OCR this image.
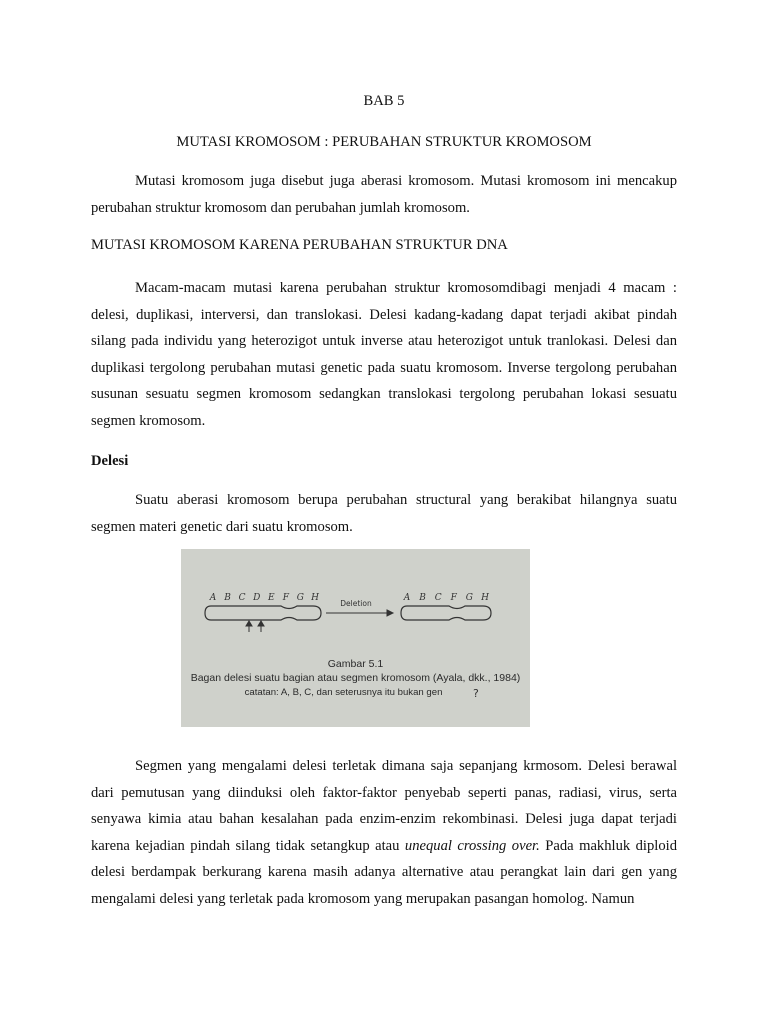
BAB 5
MUTASI KROMOSOM : PERUBAHAN STRUKTUR KROMOSOM

Mutasi kromosom juga disebut juga aberasi kromosom. Mutasi kromosom ini mencakup perubahan struktur kromosom dan perubahan jumlah kromosom.

MUTASI KROMOSOM KARENA PERUBAHAN STRUKTUR DNA

Macam-macam mutasi karena perubahan struktur kromosomdibagi menjadi 4 macam : delesi, duplikasi, interversi, dan translokasi. Delesi kadang-kadang dapat terjadi akibat pindah silang pada individu yang heterozigot untuk inverse atau heterozigot untuk tranlokasi. Delesi dan duplikasi tergolong perubahan mutasi genetic pada suatu kromosom. Inverse tergolong perubahan susunan sesuatu segmen kromosom sedangkan translokasi tergolong perubahan lokasi sesuatu segmen kromosom.

Delesi

Suatu aberasi kromosom berupa perubahan structural yang berakibat hilangnya suatu segmen materi genetic dari suatu kromosom.

A B C D E F G H
Deletion
A B C F G H
Gambar 5.1
Bagan delesi suatu bagian atau segmen kromosom (Ayala, dkk., 1984)
catatan: A, B, C, dan seterusnya itu bukan gen	?

Segmen yang mengalami delesi terletak dimana saja sepanjang krmosom. Delesi berawal dari pemutusan yang diinduksi oleh faktor-faktor penyebab seperti panas, radiasi, virus, serta senyawa kimia atau bahan kesalahan pada enzim-enzim rekombinasi. Delesi juga dapat terjadi karena kejadian pindah silang tidak setangkup atau unequal crossing over. Pada makhluk diploid delesi berdampak berkurang karena masih adanya alternative atau perangkat lain dari gen yang mengalami delesi yang terletak pada kromosom yang merupakan pasangan homolog. Namun
